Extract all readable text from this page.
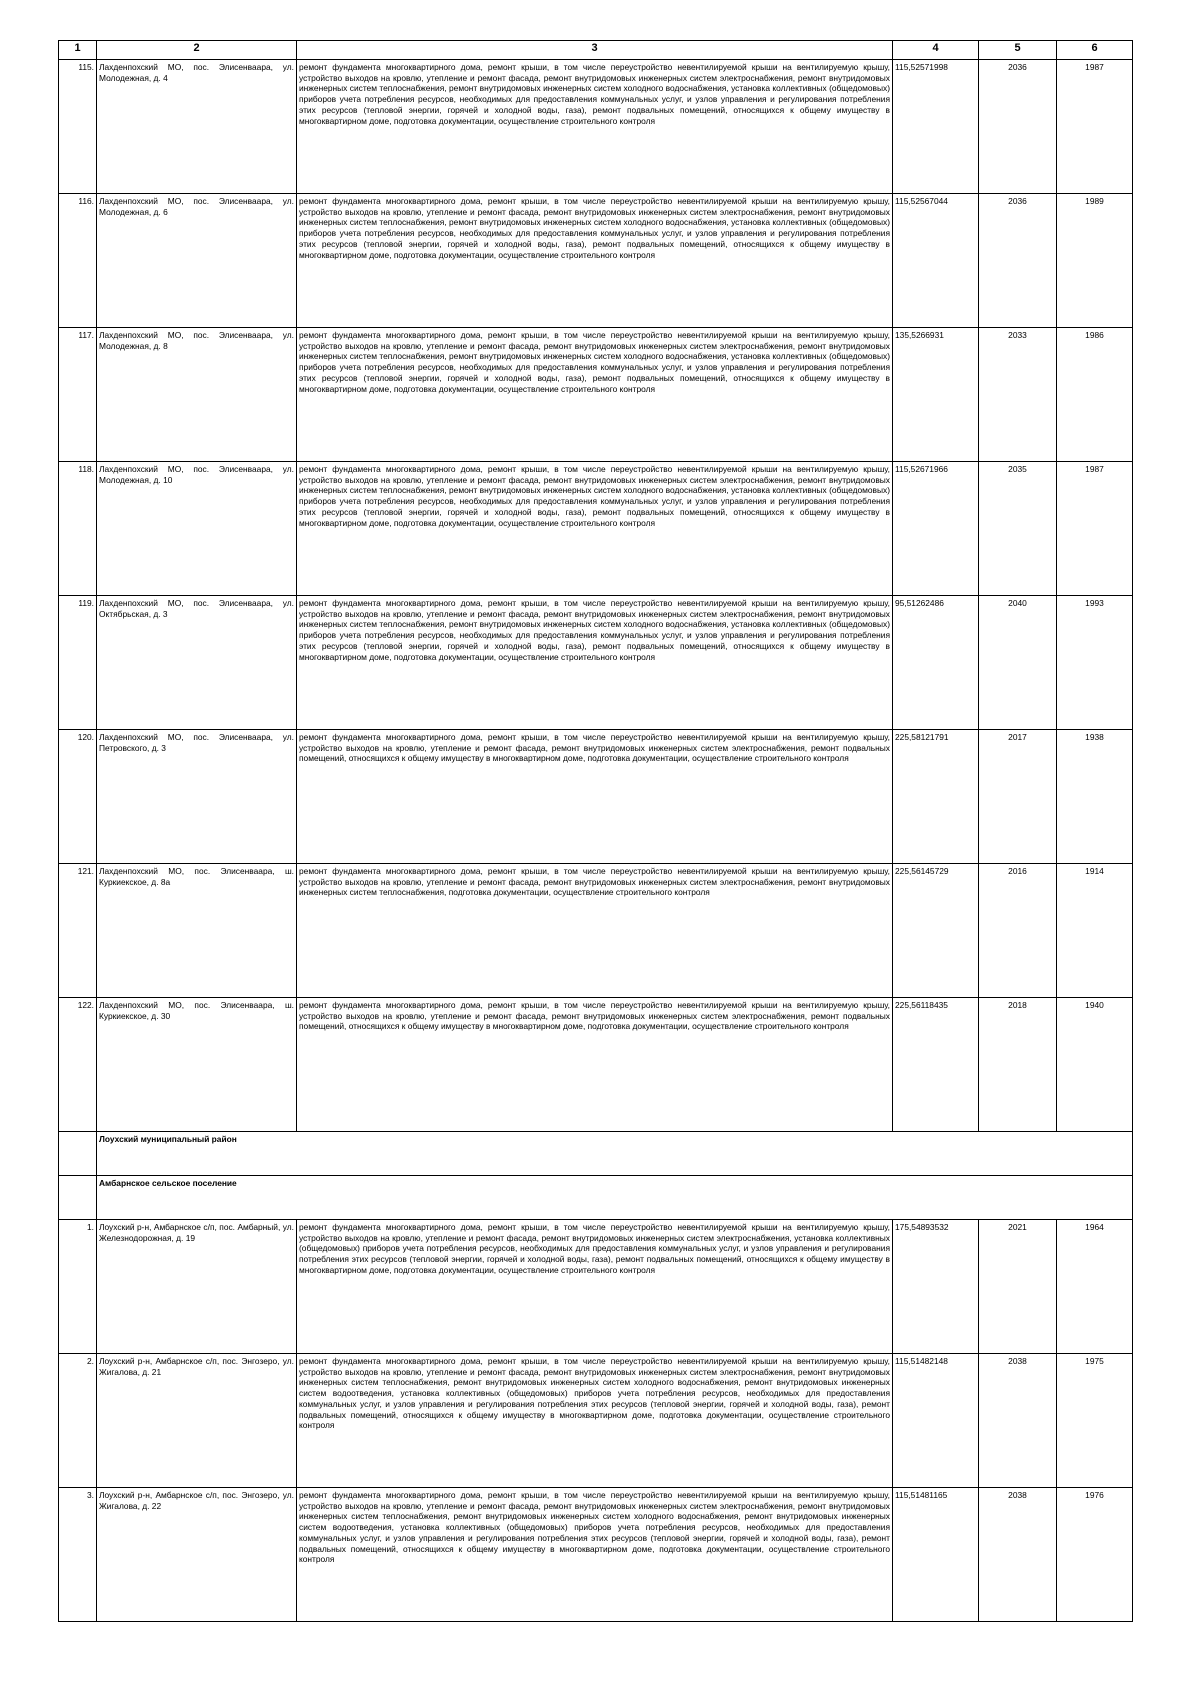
1	2	3	4	5	6
115.	Лахденпохский МО, пос. Элисенваара, ул. Молодежная, д. 4	ремонт фундамента многоквартирного дома, ремонт крыши, в том числе переустройство невентилируемой крыши на вентилируемую крышу, устройство выходов на кровлю, утепление и ремонт фасада, ремонт внутридомовых инженерных систем электроснабжения, ремонт внутридомовых инженерных систем теплоснабжения, ремонт внутридомовых инженерных систем холодного водоснабжения, установка коллективных (общедомовых) приборов учета потребления ресурсов, необходимых для предоставления коммунальных услуг, и узлов управления и регулирования потребления этих ресурсов (тепловой энергии, горячей и холодной воды, газа), ремонт подвальных помещений, относящихся к общему имуществу в многоквартирном доме, подготовка документации, осуществление строительного контроля	115,52571998	2036	1987
116.	Лахденпохский МО, пос. Элисенваара, ул. Молодежная, д. 6	ремонт фундамента многоквартирного дома, ремонт крыши, в том числе переустройство невентилируемой крыши на вентилируемую крышу, устройство выходов на кровлю, утепление и ремонт фасада, ремонт внутридомовых инженерных систем электроснабжения, ремонт внутридомовых инженерных систем теплоснабжения, ремонт внутридомовых инженерных систем холодного водоснабжения, установка коллективных (общедомовых) приборов учета потребления ресурсов, необходимых для предоставления коммунальных услуг, и узлов управления и регулирования потребления этих ресурсов (тепловой энергии, горячей и холодной воды, газа), ремонт подвальных помещений, относящихся к общему имуществу в многоквартирном доме, подготовка документации, осуществление строительного контроля	115,52567044	2036	1989
117.	Лахденпохский МО, пос. Элисенваара, ул. Молодежная, д. 8	ремонт фундамента многоквартирного дома, ремонт крыши, в том числе переустройство невентилируемой крыши на вентилируемую крышу, устройство выходов на кровлю, утепление и ремонт фасада, ремонт внутридомовых инженерных систем электроснабжения, ремонт внутридомовых инженерных систем теплоснабжения, ремонт внутридомовых инженерных систем холодного водоснабжения, установка коллективных (общедомовых) приборов учета потребления ресурсов, необходимых для предоставления коммунальных услуг, и узлов управления и регулирования потребления этих ресурсов (тепловой энергии, горячей и холодной воды, газа), ремонт подвальных помещений, относящихся к общему имуществу в многоквартирном доме, подготовка документации, осуществление строительного контроля	135,5266931	2033	1986
118.	Лахденпохский МО, пос. Элисенваара, ул. Молодежная, д. 10	ремонт фундамента многоквартирного дома, ремонт крыши, в том числе переустройство невентилируемой крыши на вентилируемую крышу, устройство выходов на кровлю, утепление и ремонт фасада, ремонт внутридомовых инженерных систем электроснабжения, ремонт внутридомовых инженерных систем теплоснабжения, ремонт внутридомовых инженерных систем холодного водоснабжения, установка коллективных (общедомовых) приборов учета потребления ресурсов, необходимых для предоставления коммунальных услуг, и узлов управления и регулирования потребления этих ресурсов (тепловой энергии, горячей и холодной воды, газа), ремонт подвальных помещений, относящихся к общему имуществу в многоквартирном доме, подготовка документации, осуществление строительного контроля	115,52671966	2035	1987
119.	Лахденпохский МО, пос. Элисенваара, ул. Октябрьская, д. 3	ремонт фундамента многоквартирного дома, ремонт крыши, в том числе переустройство невентилируемой крыши на вентилируемую крышу, устройство выходов на кровлю, утепление и ремонт фасада, ремонт внутридомовых инженерных систем электроснабжения, ремонт внутридомовых инженерных систем теплоснабжения, ремонт внутридомовых инженерных систем холодного водоснабжения, установка коллективных (общедомовых) приборов учета потребления ресурсов, необходимых для предоставления коммунальных услуг, и узлов управления и регулирования потребления этих ресурсов (тепловой энергии, горячей и холодной воды, газа), ремонт подвальных помещений, относящихся к общему имуществу в многоквартирном доме, подготовка документации, осуществление строительного контроля	95,51262486	2040	1993
120.	Лахденпохский МО, пос. Элисенваара, ул. Петровского, д. 3	ремонт фундамента многоквартирного дома, ремонт крыши, в том числе переустройство невентилируемой крыши на вентилируемую крышу, устройство выходов на кровлю, утепление и ремонт фасада, ремонт внутридомовых инженерных систем электроснабжения, ремонт подвальных помещений, относящихся к общему имуществу в многоквартирном доме, подготовка документации, осуществление строительного контроля	225,58121791	2017	1938
121.	Лахденпохский МО, пос. Элисенваара, ш. Куркиекское, д. 8а	ремонт фундамента многоквартирного дома, ремонт крыши, в том числе переустройство невентилируемой крыши на вентилируемую крышу, устройство выходов на кровлю, утепление и ремонт фасада, ремонт внутридомовых инженерных систем электроснабжения, ремонт внутридомовых инженерных систем теплоснабжения, подготовка документации, осуществление строительного контроля	225,56145729	2016	1914
122.	Лахденпохский МО, пос. Элисенваара, ш. Куркиекское, д. 30	ремонт фундамента многоквартирного дома, ремонт крыши, в том числе переустройство невентилируемой крыши на вентилируемую крышу, устройство выходов на кровлю, утепление и ремонт фасада, ремонт внутридомовых инженерных систем электроснабжения, ремонт подвальных помещений, относящихся к общему имуществу в многоквартирном доме, подготовка документации, осуществление строительного контроля	225,56118435	2018	1940
	Лоухский муниципальный район				
	Амбарнское сельское поселение				
1.	Лоухский р-н, Амбарнское с/п, пос. Амбарный, ул. Железнодорожная, д. 19	ремонт фундамента многоквартирного дома, ремонт крыши, в том числе переустройство невентилируемой крыши на вентилируемую крышу, устройство выходов на кровлю, утепление и ремонт фасада, ремонт внутридомовых инженерных систем электроснабжения, установка коллективных (общедомовых) приборов учета потребления ресурсов, необходимых для предоставления коммунальных услуг, и узлов управления и регулирования потребления этих ресурсов (тепловой энергии, горячей и холодной воды, газа), ремонт подвальных помещений, относящихся к общему имуществу в многоквартирном доме, подготовка документации, осуществление строительного контроля	175,54893532	2021	1964
2.	Лоухский р-н, Амбарнское с/п, пос. Энгозеро, ул. Жигалова, д. 21	ремонт фундамента многоквартирного дома, ремонт крыши, в том числе переустройство невентилируемой крыши на вентилируемую крышу, устройство выходов на кровлю, утепление и ремонт фасада, ремонт внутридомовых инженерных систем электроснабжения, ремонт внутридомовых инженерных систем теплоснабжения, ремонт внутридомовых инженерных систем холодного водоснабжения, ремонт внутридомовых инженерных систем водоотведения, установка коллективных (общедомовых) приборов учета потребления ресурсов, необходимых для предоставления коммунальных услуг, и узлов управления и регулирования потребления этих ресурсов (тепловой энергии, горячей и холодной воды, газа), ремонт подвальных помещений, относящихся к общему имуществу в многоквартирном доме, подготовка документации, осуществление строительного контроля	115,51482148	2038	1975
3.	Лоухский р-н, Амбарнское с/п, пос. Энгозеро, ул. Жигалова, д. 22	ремонт фундамента многоквартирного дома, ремонт крыши, в том числе переустройство невентилируемой крыши на вентилируемую крышу, устройство выходов на кровлю, утепление и ремонт фасада, ремонт внутридомовых инженерных систем электроснабжения, ремонт внутридомовых инженерных систем теплоснабжения, ремонт внутридомовых инженерных систем холодного водоснабжения, ремонт внутридомовых инженерных систем водоотведения, установка коллективных (общедомовых) приборов учета потребления ресурсов, необходимых для предоставления коммунальных услуг, и узлов управления и регулирования потребления этих ресурсов (тепловой энергии, горячей и холодной воды, газа), ремонт подвальных помещений, относящихся к общему имуществу в многоквартирном доме, подготовка документации, осуществление строительного контроля	115,51481165	2038	1976
